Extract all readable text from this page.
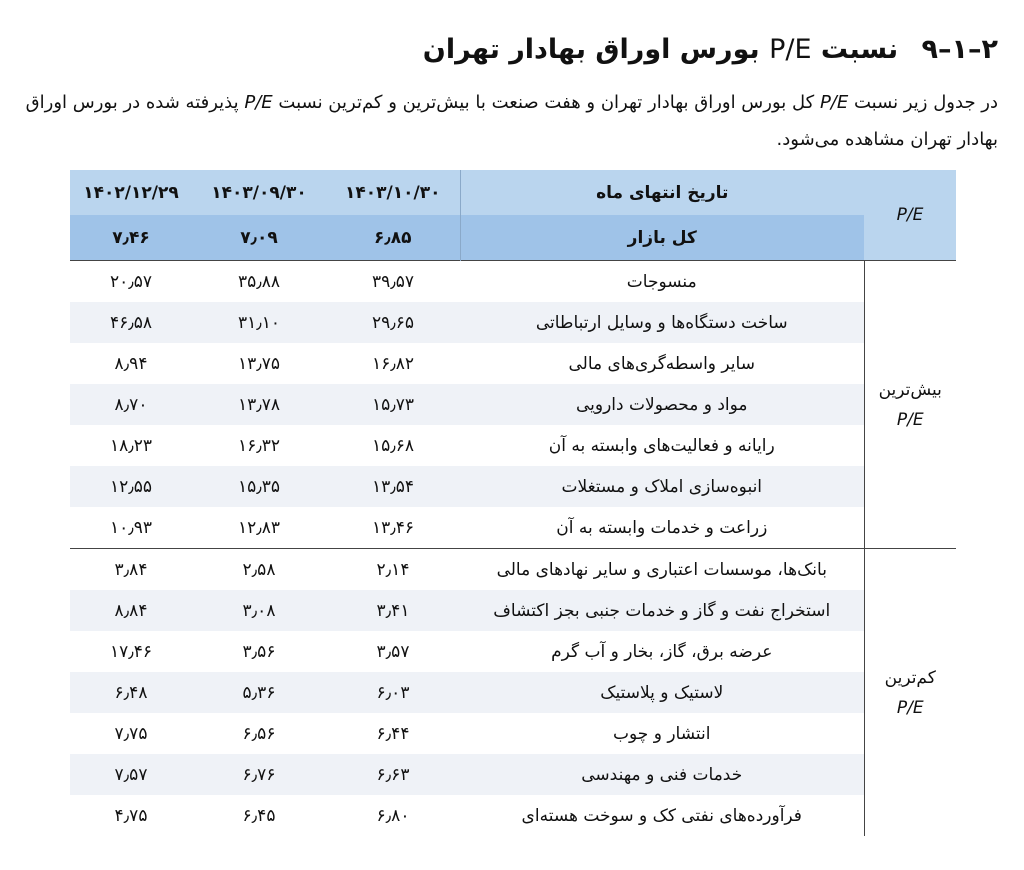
۲–۱–۹ نسبت P/E بورس اوراق بهادار تهران
در جدول زیر نسبت P/E کل بورس اوراق بهادار تهران و هفت صنعت با بیش‌ترین و کم‌ترین نسبت P/E پذیرفته شده در بورس اوراق بهادار تهران مشاهده می‌شود.
۱۴۰۲/۱۲/۲۹	۱۴۰۳/۰۹/۳۰	۱۴۰۳/۱۰/۳۰	تاریخ انتهای ماه	P/E
۷٫۴۶	۷٫۰۹	۶٫۸۵	کل بازار	
۲۰٫۵۷	۳۵٫۸۸	۳۹٫۵۷	منسوجات	بیش‌ترین
P/E

۴۶٫۵۸	۳۱٫۱۰	۲۹٫۶۵	ساخت دستگاه‌ها و وسایل ارتباطاتی	
۸٫۹۴	۱۳٫۷۵	۱۶٫۸۲	سایر واسطه‌گری‌های مالی	
۸٫۷۰	۱۳٫۷۸	۱۵٫۷۳	مواد و محصولات دارویی	
۱۸٫۲۳	۱۶٫۳۲	۱۵٫۶۸	رایانه و فعالیت‌های وابسته به آن	
۱۲٫۵۵	۱۵٫۳۵	۱۳٫۵۴	انبوه‌سازی املاک و مستغلات	
۱۰٫۹۳	۱۲٫۸۳	۱۳٫۴۶	زراعت و خدمات وابسته به آن	
۳٫۸۴	۲٫۵۸	۲٫۱۴	بانک‌ها، موسسات اعتباری و سایر نهادهای مالی	کم‌ترین
P/E

۸٫۸۴	۳٫۰۸	۳٫۴۱	استخراج نفت و گاز و خدمات جنبی بجز اکتشاف	
۱۷٫۴۶	۳٫۵۶	۳٫۵۷	عرضه برق، گاز، بخار و آب گرم	
۶٫۴۸	۵٫۳۶	۶٫۰۳	لاستیک و پلاستیک	
۷٫۷۵	۶٫۵۶	۶٫۴۴	انتشار و چوب	
۷٫۵۷	۶٫۷۶	۶٫۶۳	خدمات فنی و مهندسی	
۴٫۷۵	۶٫۴۵	۶٫۸۰	فرآورده‌های نفتی کک و سوخت هسته‌ای	
